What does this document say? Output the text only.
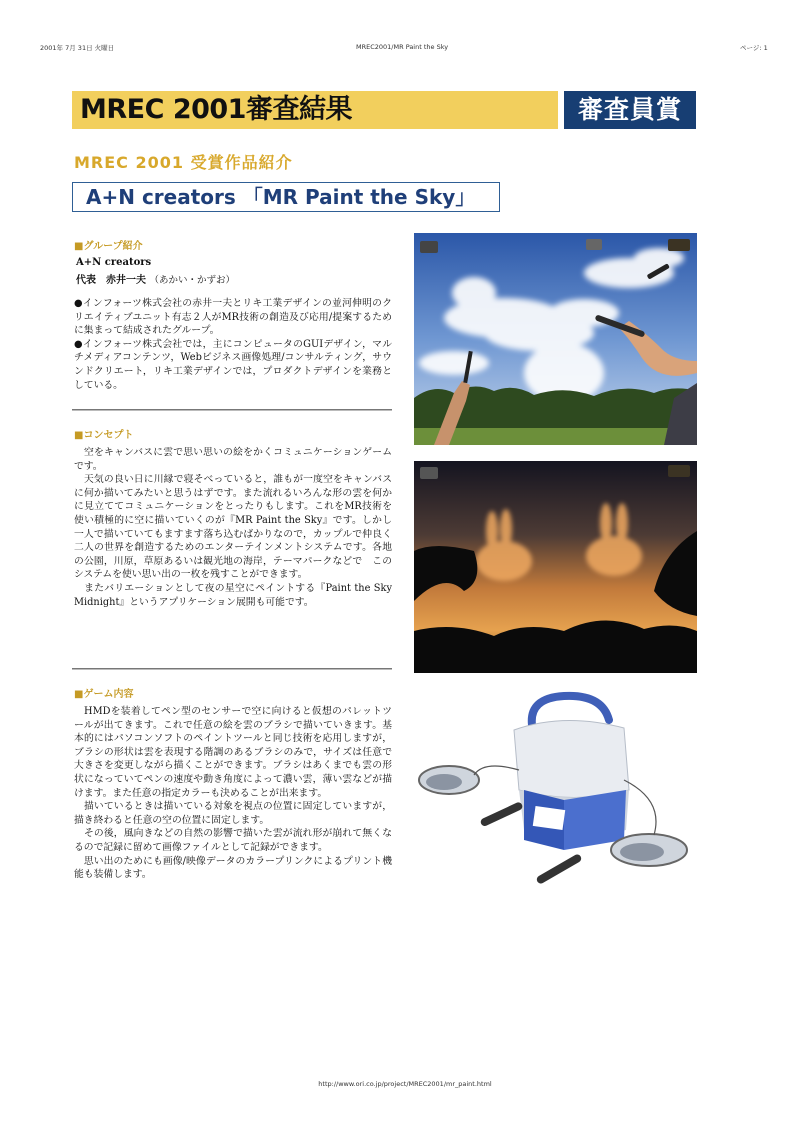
2001年 7月 31日 火曜日	MREC2001/MR Paint the Sky	ページ: 1
MREC 2001審査結果	審査員賞
MREC 2001 受賞作品紹介
A+N creators 「MR Paint the Sky」
■グループ紹介
A+N creators
代表　赤井一夫 （あかい・かずお）
●インフォーツ株式会社の赤井一夫とリキ工業デザインの並河伸明のクリエイティブユニット有志２人がMR技術の創造及び応用/提案するために集まって結成されたグループ。
●インフォーツ株式会社では，主にコンピュータのGUIデザイン，マルチメディアコンテンツ，Webビジネス画像処理/コンサルティング，サウンドクリエート，リキ工業デザインでは，プロダクトデザインを業務としている。
■コンセプト
　空をキャンバスに雲で思い思いの絵をかくコミュニケーションゲームです。
　天気の良い日に川縁で寝そべっていると，誰もが一度空をキャンバスに何か描いてみたいと思うはずです。また流れるいろんな形の雲を何かに見立ててコミュニケーションをとったりもします。これをMR技術を使い積極的に空に描いていくのが『MR Paint the Sky』です。しかし一人で描いていてもますます落ち込むばかりなので，カップルで仲良く二人の世界を創造するためのエンターテインメントシステムです。各地の公園，川原，草原あるいは観光地の海岸，テーマパークなどで　このシステムを使い思い出の一枚を残すことができます。
　またバリエーションとして夜の星空にペイントする『Paint the Sky Midnight』というアプリケーション展開も可能です。
■ゲーム内容
　HMDを装着してペン型のセンサーで空に向けると仮想のパレットツールが出てきます。これで任意の絵を雲のブラシで描いていきます。基本的にはパソコンソフトのペイントツールと同じ技術を応用しますが，ブラシの形状は雲を表現する階調のあるブラシのみで，サイズは任意で大きさを変更しながら描くことができます。ブラシはあくまでも雲の形状になっていてペンの速度や動き角度によって濃い雲，薄い雲などが描けます。また任意の指定カラーも決めることが出来ます。
　描いているときは描いている対象を視点の位置に固定していますが，描き終わると任意の空の位置に固定します。
　その後，風向きなどの自然の影響で描いた雲が流れ形が崩れて無くなるので記録に留めて画像ファイルとして記録ができます。
　思い出のためにも画像/映像データのカラープリンクによるプリント機能も装備します。
http://www.ori.co.jp/project/MREC2001/mr_paint.html
